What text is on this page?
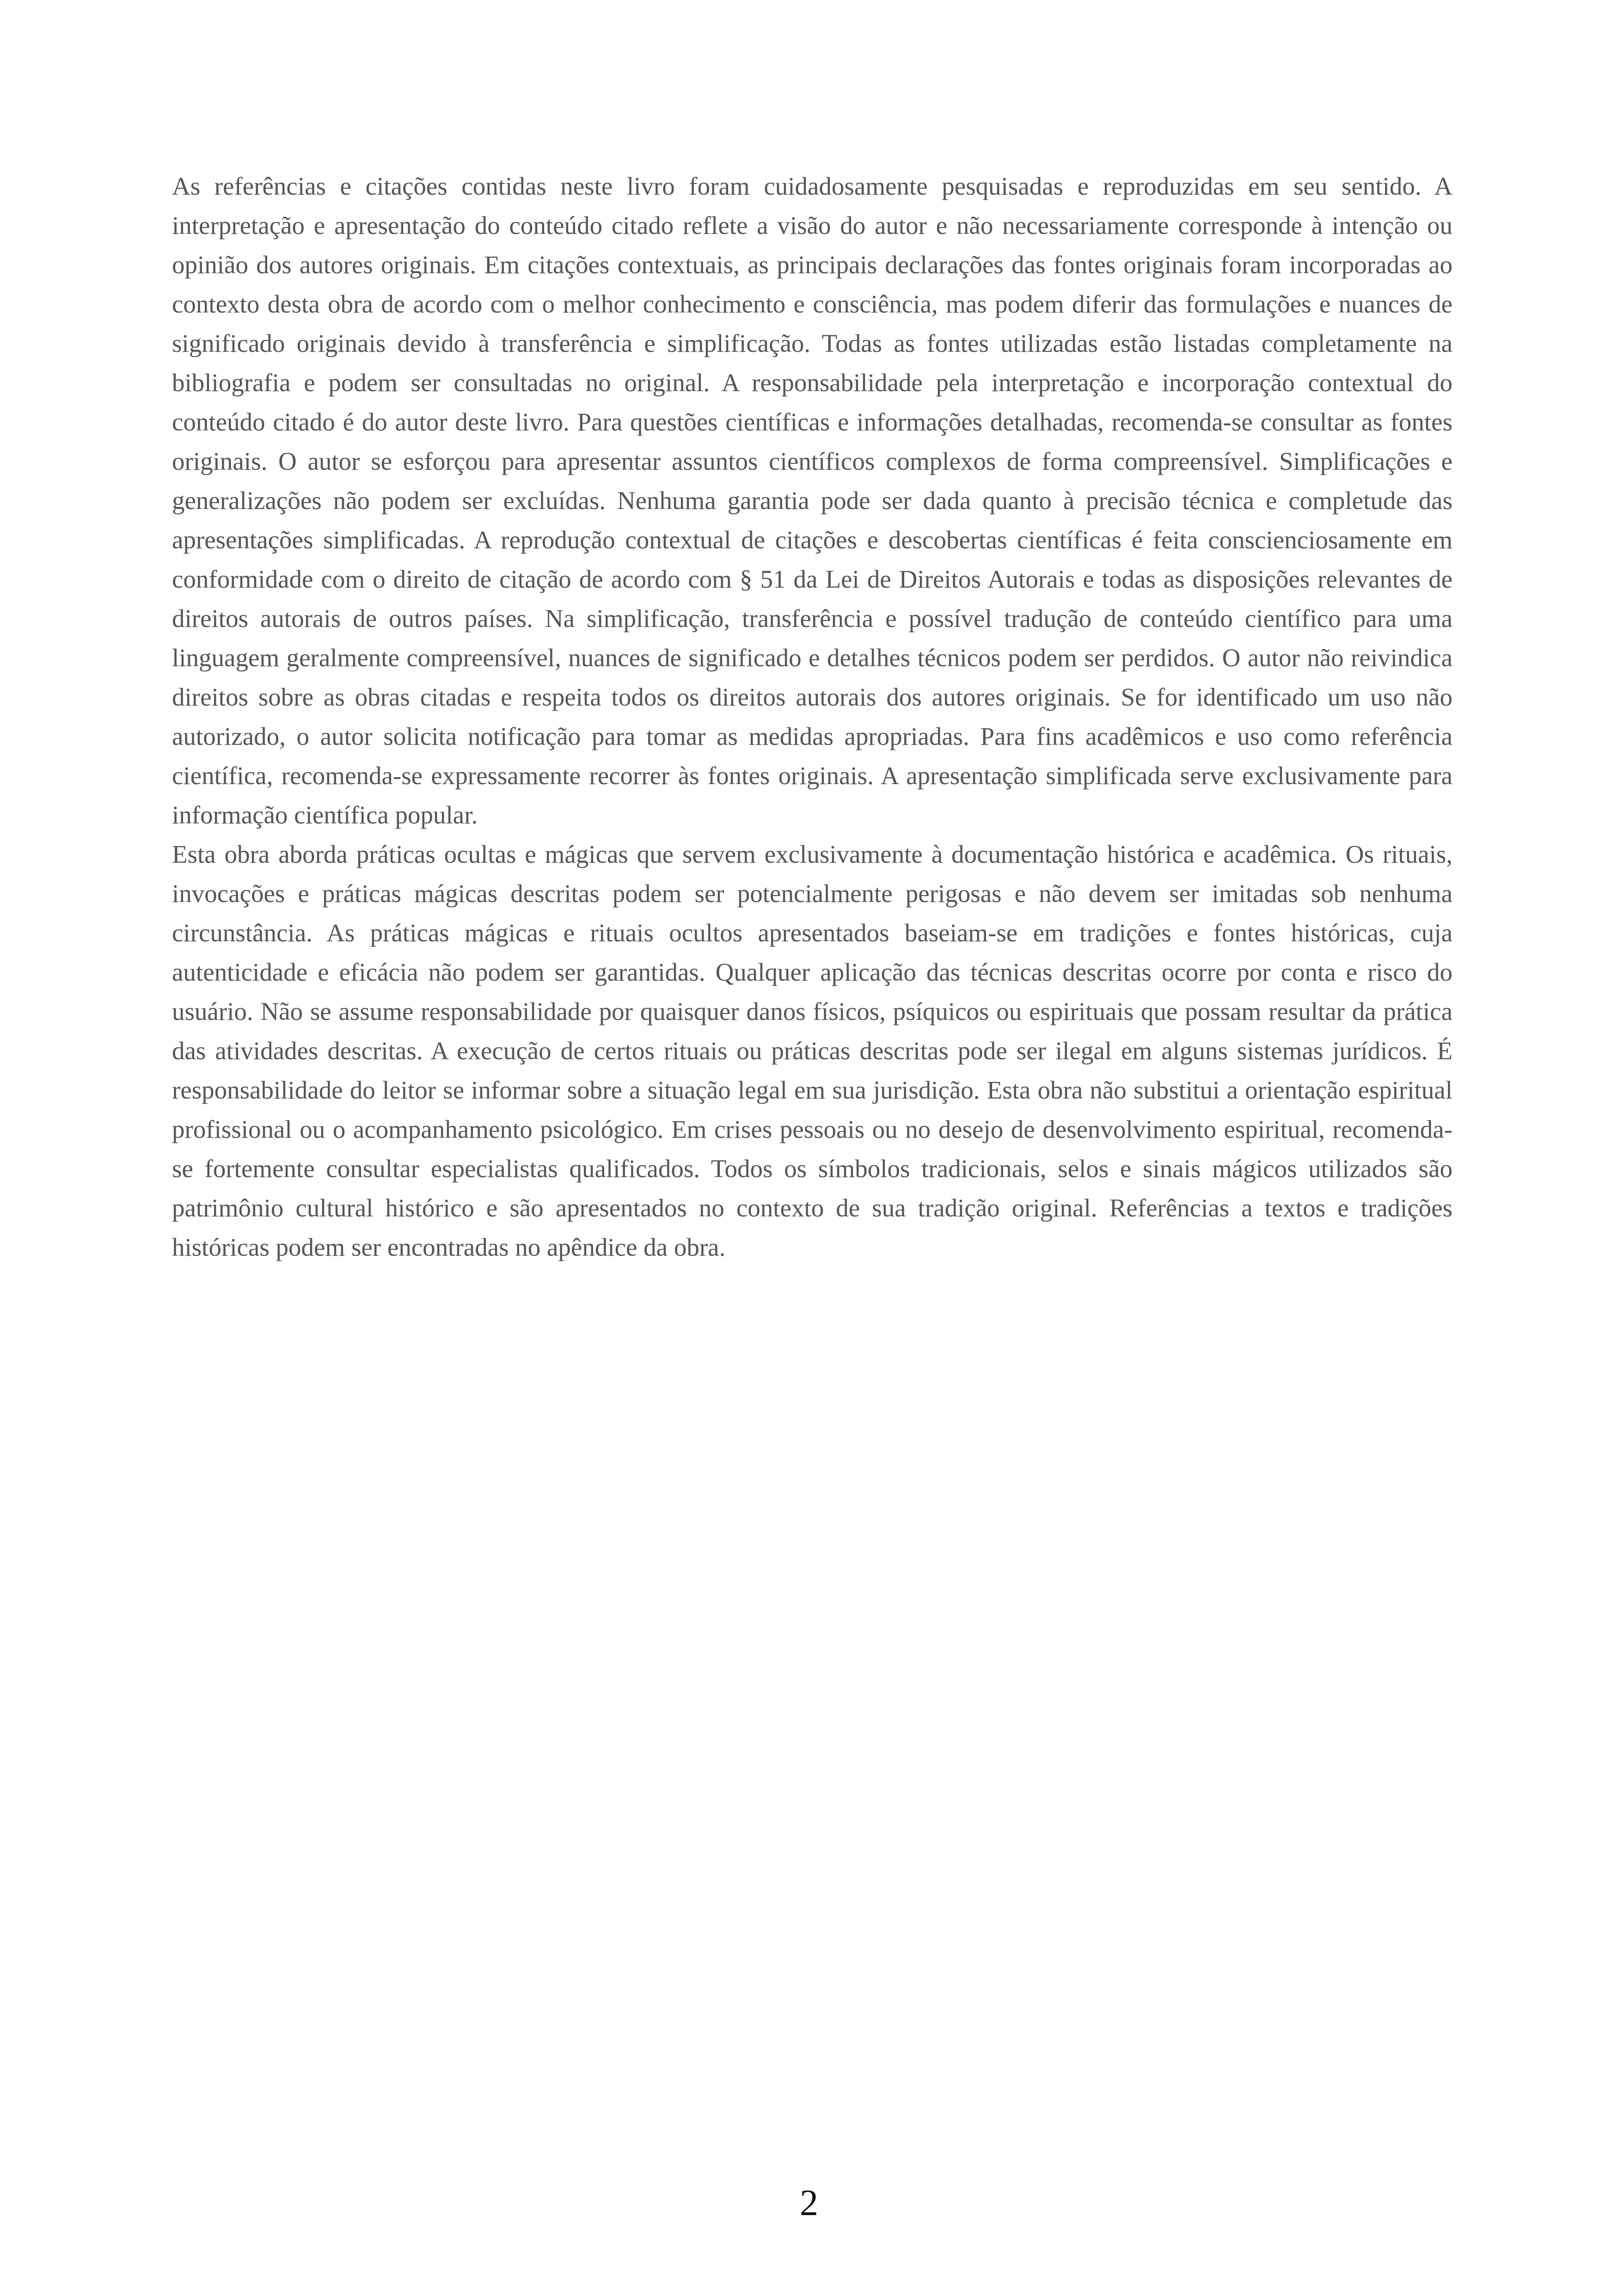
As referências e citações contidas neste livro foram cuidadosamente pesquisadas e reproduzidas em seu sentido. A interpretação e apresentação do conteúdo citado reflete a visão do autor e não necessariamente corresponde à intenção ou opinião dos autores originais. Em citações contextuais, as principais declarações das fontes originais foram incorporadas ao contexto desta obra de acordo com o melhor conhecimento e consciência, mas podem diferir das formulações e nuances de significado originais devido à transferência e simplificação. Todas as fontes utilizadas estão listadas completamente na bibliografia e podem ser consultadas no original. A responsabilidade pela interpretação e incorporação contextual do conteúdo citado é do autor deste livro. Para questões científicas e informações detalhadas, recomenda-se consultar as fontes originais. O autor se esforçou para apresentar assuntos científicos complexos de forma compreensível. Simplificações e generalizações não podem ser excluídas. Nenhuma garantia pode ser dada quanto à precisão técnica e completude das apresentações simplificadas. A reprodução contextual de citações e descobertas científicas é feita conscienciosamente em conformidade com o direito de citação de acordo com § 51 da Lei de Direitos Autorais e todas as disposições relevantes de direitos autorais de outros países. Na simplificação, transferência e possível tradução de conteúdo científico para uma linguagem geralmente compreensível, nuances de significado e detalhes técnicos podem ser perdidos. O autor não reivindica direitos sobre as obras citadas e respeita todos os direitos autorais dos autores originais. Se for identificado um uso não autorizado, o autor solicita notificação para tomar as medidas apropriadas. Para fins acadêmicos e uso como referência científica, recomenda-se expressamente recorrer às fontes originais. A apresentação simplificada serve exclusivamente para informação científica popular.

Esta obra aborda práticas ocultas e mágicas que servem exclusivamente à documentação histórica e acadêmica. Os rituais, invocações e práticas mágicas descritas podem ser potencialmente perigosas e não devem ser imitadas sob nenhuma circunstância. As práticas mágicas e rituais ocultos apresentados baseiam-se em tradições e fontes históricas, cuja autenticidade e eficácia não podem ser garantidas. Qualquer aplicação das técnicas descritas ocorre por conta e risco do usuário. Não se assume responsabilidade por quaisquer danos físicos, psíquicos ou espirituais que possam resultar da prática das atividades descritas. A execução de certos rituais ou práticas descritas pode ser ilegal em alguns sistemas jurídicos. É responsabilidade do leitor se informar sobre a situação legal em sua jurisdição. Esta obra não substitui a orientação espiritual profissional ou o acompanhamento psicológico. Em crises pessoais ou no desejo de desenvolvimento espiritual, recomenda-se fortemente consultar especialistas qualificados. Todos os símbolos tradicionais, selos e sinais mágicos utilizados são patrimônio cultural histórico e são apresentados no contexto de sua tradição original. Referências a textos e tradições históricas podem ser encontradas no apêndice da obra.

2
